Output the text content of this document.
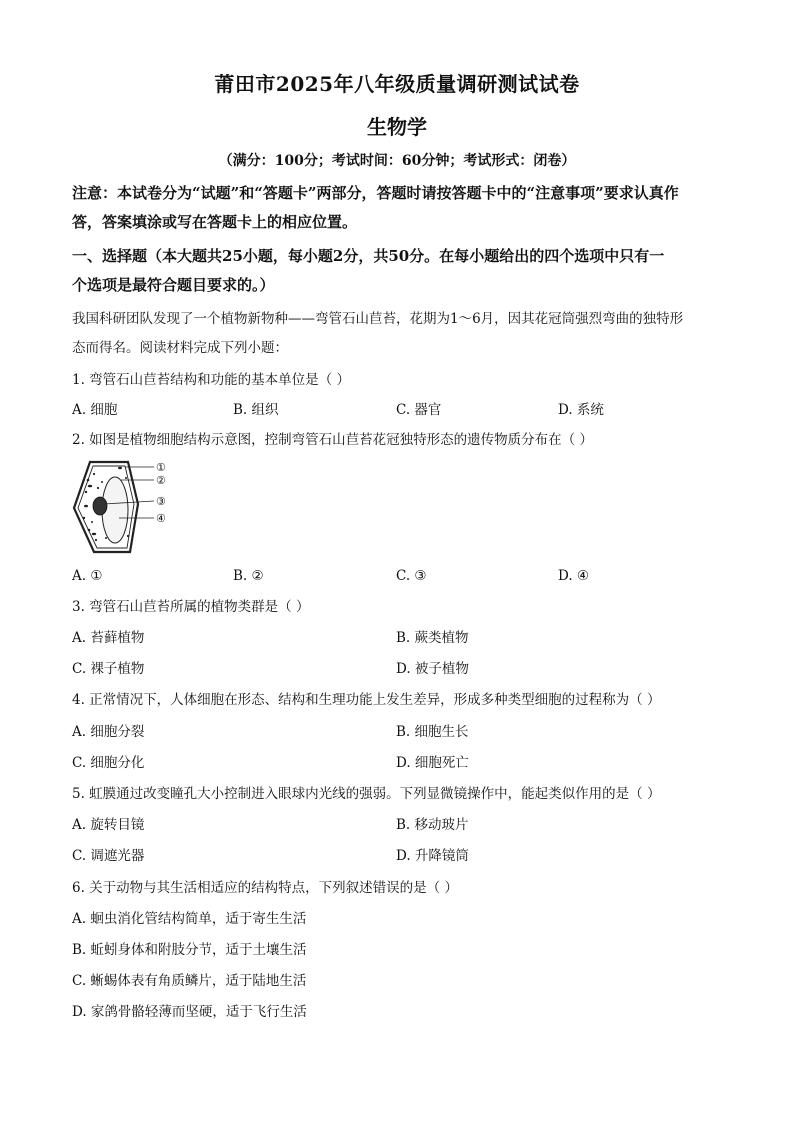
莆田市2025年八年级质量调研测试试卷
生物学
（满分：100分；考试时间：60分钟；考试形式：闭卷）
注意：本试卷分为“试题”和“答题卡”两部分，答题时请按答题卡中的“注意事项”要求认真作
答，答案填涂或写在答题卡上的相应位置。
一、选择题（本大题共25小题，每小题2分，共50分。在每小题给出的四个选项中只有一
个选项是最符合题目要求的。）
我国科研团队发现了一个植物新物种——弯管石山苣苔，花期为1～6月，因其花冠筒强烈弯曲的独特形
态而得名。阅读材料完成下列小题：
1. 弯管石山苣苔结构和功能的基本单位是（ ）
A. 细胞	B. 组织	C. 器官	D. 系统
2. 如图是植物细胞结构示意图，控制弯管石山苣苔花冠独特形态的遗传物质分布在（ ）
①
②
③
④
A. ①	B. ②	C. ③	D. ④
3. 弯管石山苣苔所属的植物类群是（ ）
A. 苔藓植物	B. 蕨类植物
C. 裸子植物	D. 被子植物
4. 正常情况下，人体细胞在形态、结构和生理功能上发生差异，形成多种类型细胞的过程称为（ ）
A. 细胞分裂	B. 细胞生长
C. 细胞分化	D. 细胞死亡
5. 虹膜通过改变瞳孔大小控制进入眼球内光线的强弱。下列显微镜操作中，能起类似作用的是（ ）
A. 旋转目镜	B. 移动玻片
C. 调遮光器	D. 升降镜筒
6. 关于动物与其生活相适应的结构特点，下列叙述错误的是（ ）
A. 蛔虫消化管结构简单，适于寄生生活
B. 蚯蚓身体和附肢分节，适于土壤生活
C. 蜥蜴体表有角质鳞片，适于陆地生活
D. 家鸽骨骼轻薄而坚硬，适于飞行生活
